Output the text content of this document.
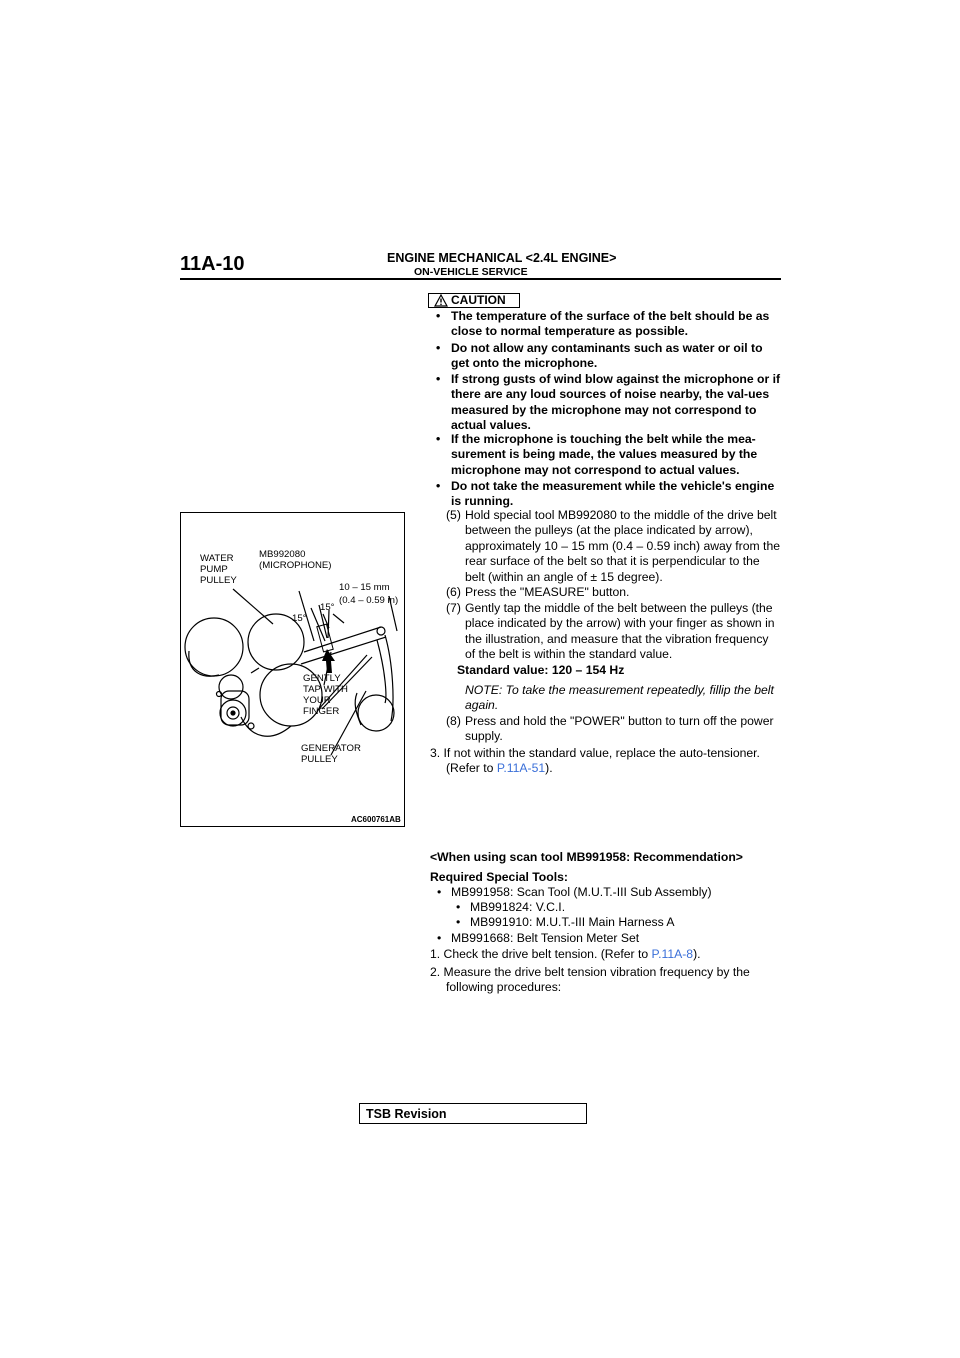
11A-10	ENGINE MECHANICAL <2.4L ENGINE>
ON-VEHICLE SERVICE
CAUTION
• The temperature of the surface of the belt should be as close to normal temperature as possible.
• Do not allow any contaminants such as water or oil to get onto the microphone.
• If strong gusts of wind blow against the microphone or if there are any loud sources of noise nearby, the val-ues measured by the microphone may not correspond to actual values.
• If the microphone is touching the belt while the mea-surement is being made, the values measured by the microphone may not correspond to actual values.
• Do not take the measurement while the vehicle's engine is running.
(5) Hold special tool MB992080 to the middle of the drive belt between the pulleys (at the place indicated by arrow), approximately 10 – 15 mm (0.4 – 0.59 inch) away from the rear surface of the belt so that it is perpendicular to the belt (within an angle of ± 15 degree).
(6) Press the "MEASURE" button.
(7) Gently tap the middle of the belt between the pulleys (the place indicated by the arrow) with your finger as shown in the illustration, and measure that the vibration frequency of the belt is within the standard value.
Standard value: 120 – 154 Hz
NOTE: To take the measurement repeatedly, fillip the belt again.
(8) Press and hold the "POWER" button to turn off the power supply.
3. If not within the standard value, replace the auto-tensioner.
(Refer to P.11A-51).
WATER PUMP PULLEY
MB992080
(MICROPHONE)
10 – 15 mm
(0.4 – 0.59 in)
15°
15°
GENTLY TAP WITH YOUR FINGER
GENERATOR PULLEY
AC600761AB
<When using scan tool MB991958: Recommendation>
Required Special Tools:
• MB991958: Scan Tool (M.U.T.-III Sub Assembly)
• MB991824: V.C.I.
• MB991910: M.U.T.-III Main Harness A
• MB991668: Belt Tension Meter Set
1. Check the drive belt tension. (Refer to P.11A-8).
2. Measure the drive belt tension vibration frequency by the
following procedures:
TSB Revision
